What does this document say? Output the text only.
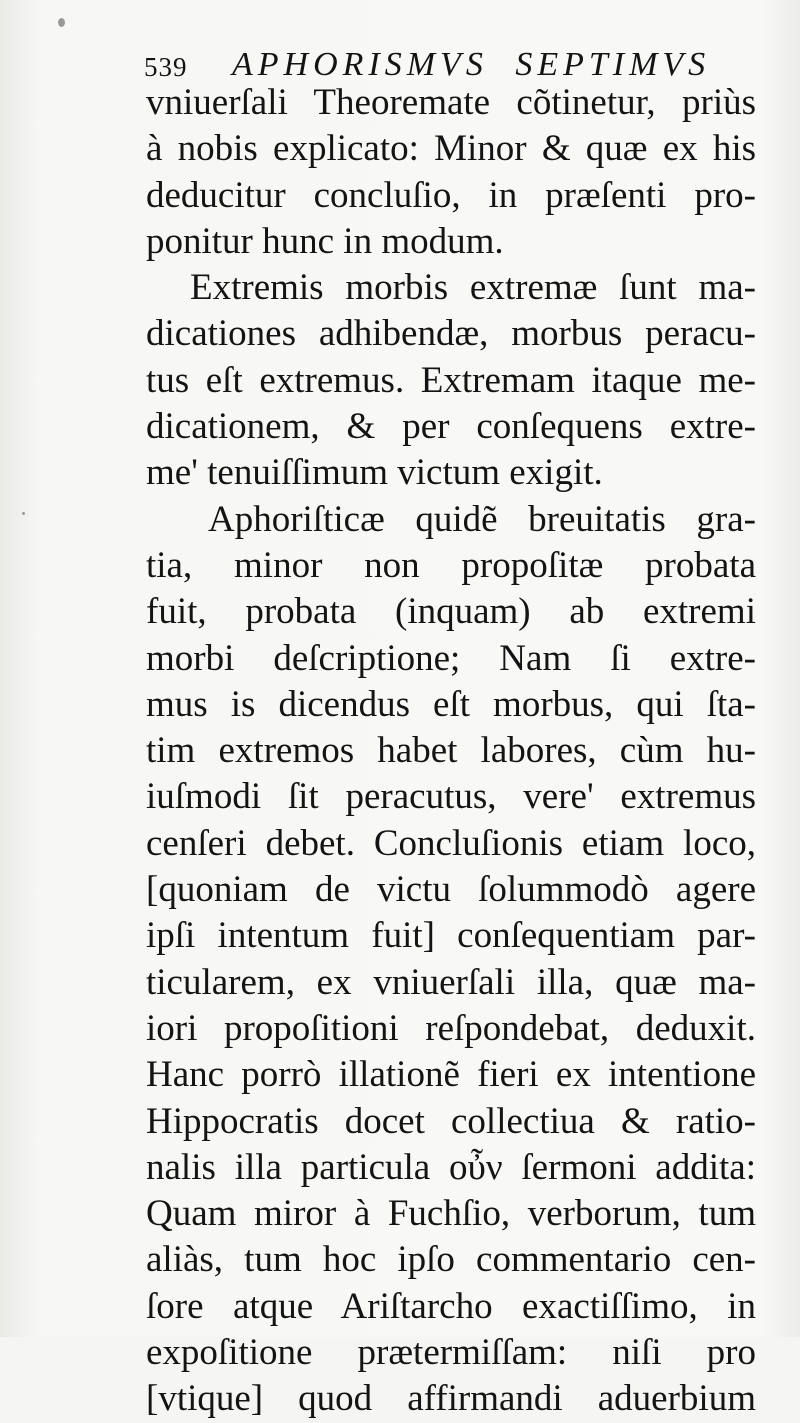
539 APHORISMVS SEPTIMVS
vniuerſali Theoremate cõtinetur, priùs
à nobis explicato: Minor & quæ ex his
deducitur concluſio, in præſenti pro-
ponitur hunc in modum.
Extremis morbis extremæ ſunt ma-
dicationes adhibendæ, morbus peracu-
tus eſt extremus. Extremam itaque me-
dicationem, & per conſequens extre-
me' tenuiſſimum victum exigit.
Aphoriſticæ quidẽ breuitatis gra-
tia, minor non propoſitæ probata
fuit, probata (inquam) ab extremi
morbi deſcriptione; Nam ſi extre-
mus is dicendus eſt morbus, qui ſta-
tim extremos habet labores, cùm hu-
iuſmodi ſit peracutus, vere' extremus
cenſeri debet. Concluſionis etiam loco,
[quoniam de victu ſolummodò agere
ipſi intentum fuit] conſequentiam par-
ticularem, ex vniuerſali illa, quæ ma-
iori propoſitioni reſpondebat, deduxit.
Hanc porrò illationẽ fieri ex intentione
Hippocratis docet collectiua & ratio-
nalis illa particula οὖν ſermoni addita:
Quam miror à Fuchſio, verborum, tum
aliàs, tum hoc ipſo commentario cen-
ſore atque Ariſtarcho exactiſſimo, in
expoſitione prætermiſſam: niſi pro
[vtique] quod affirmandi aduerbium
